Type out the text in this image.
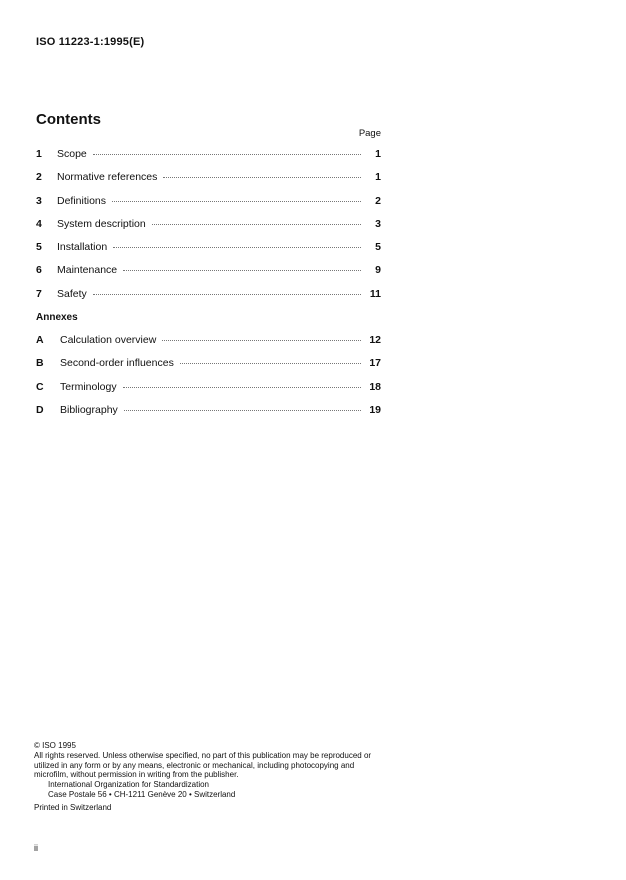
ISO 11223-1:1995(E)
Contents
Page
1	Scope	1
2	Normative references	1
3	Definitions	2
4	System description	3
5	Installation	5
6	Maintenance	9
7	Safety	11
Annexes
A	Calculation overview	12
B	Second-order influences	17
C	Terminology	18
D	Bibliography	19

© ISO 1995

All rights reserved. Unless otherwise specified, no part of this publication may be reproduced or utilized in any form or by any means, electronic or mechanical, including photocopying and microfilm, without permission in writing from the publisher.

International Organization for Standardization

Case Postale 56 • CH-1211 Genève 20 • Switzerland

Printed in Switzerland

ii
